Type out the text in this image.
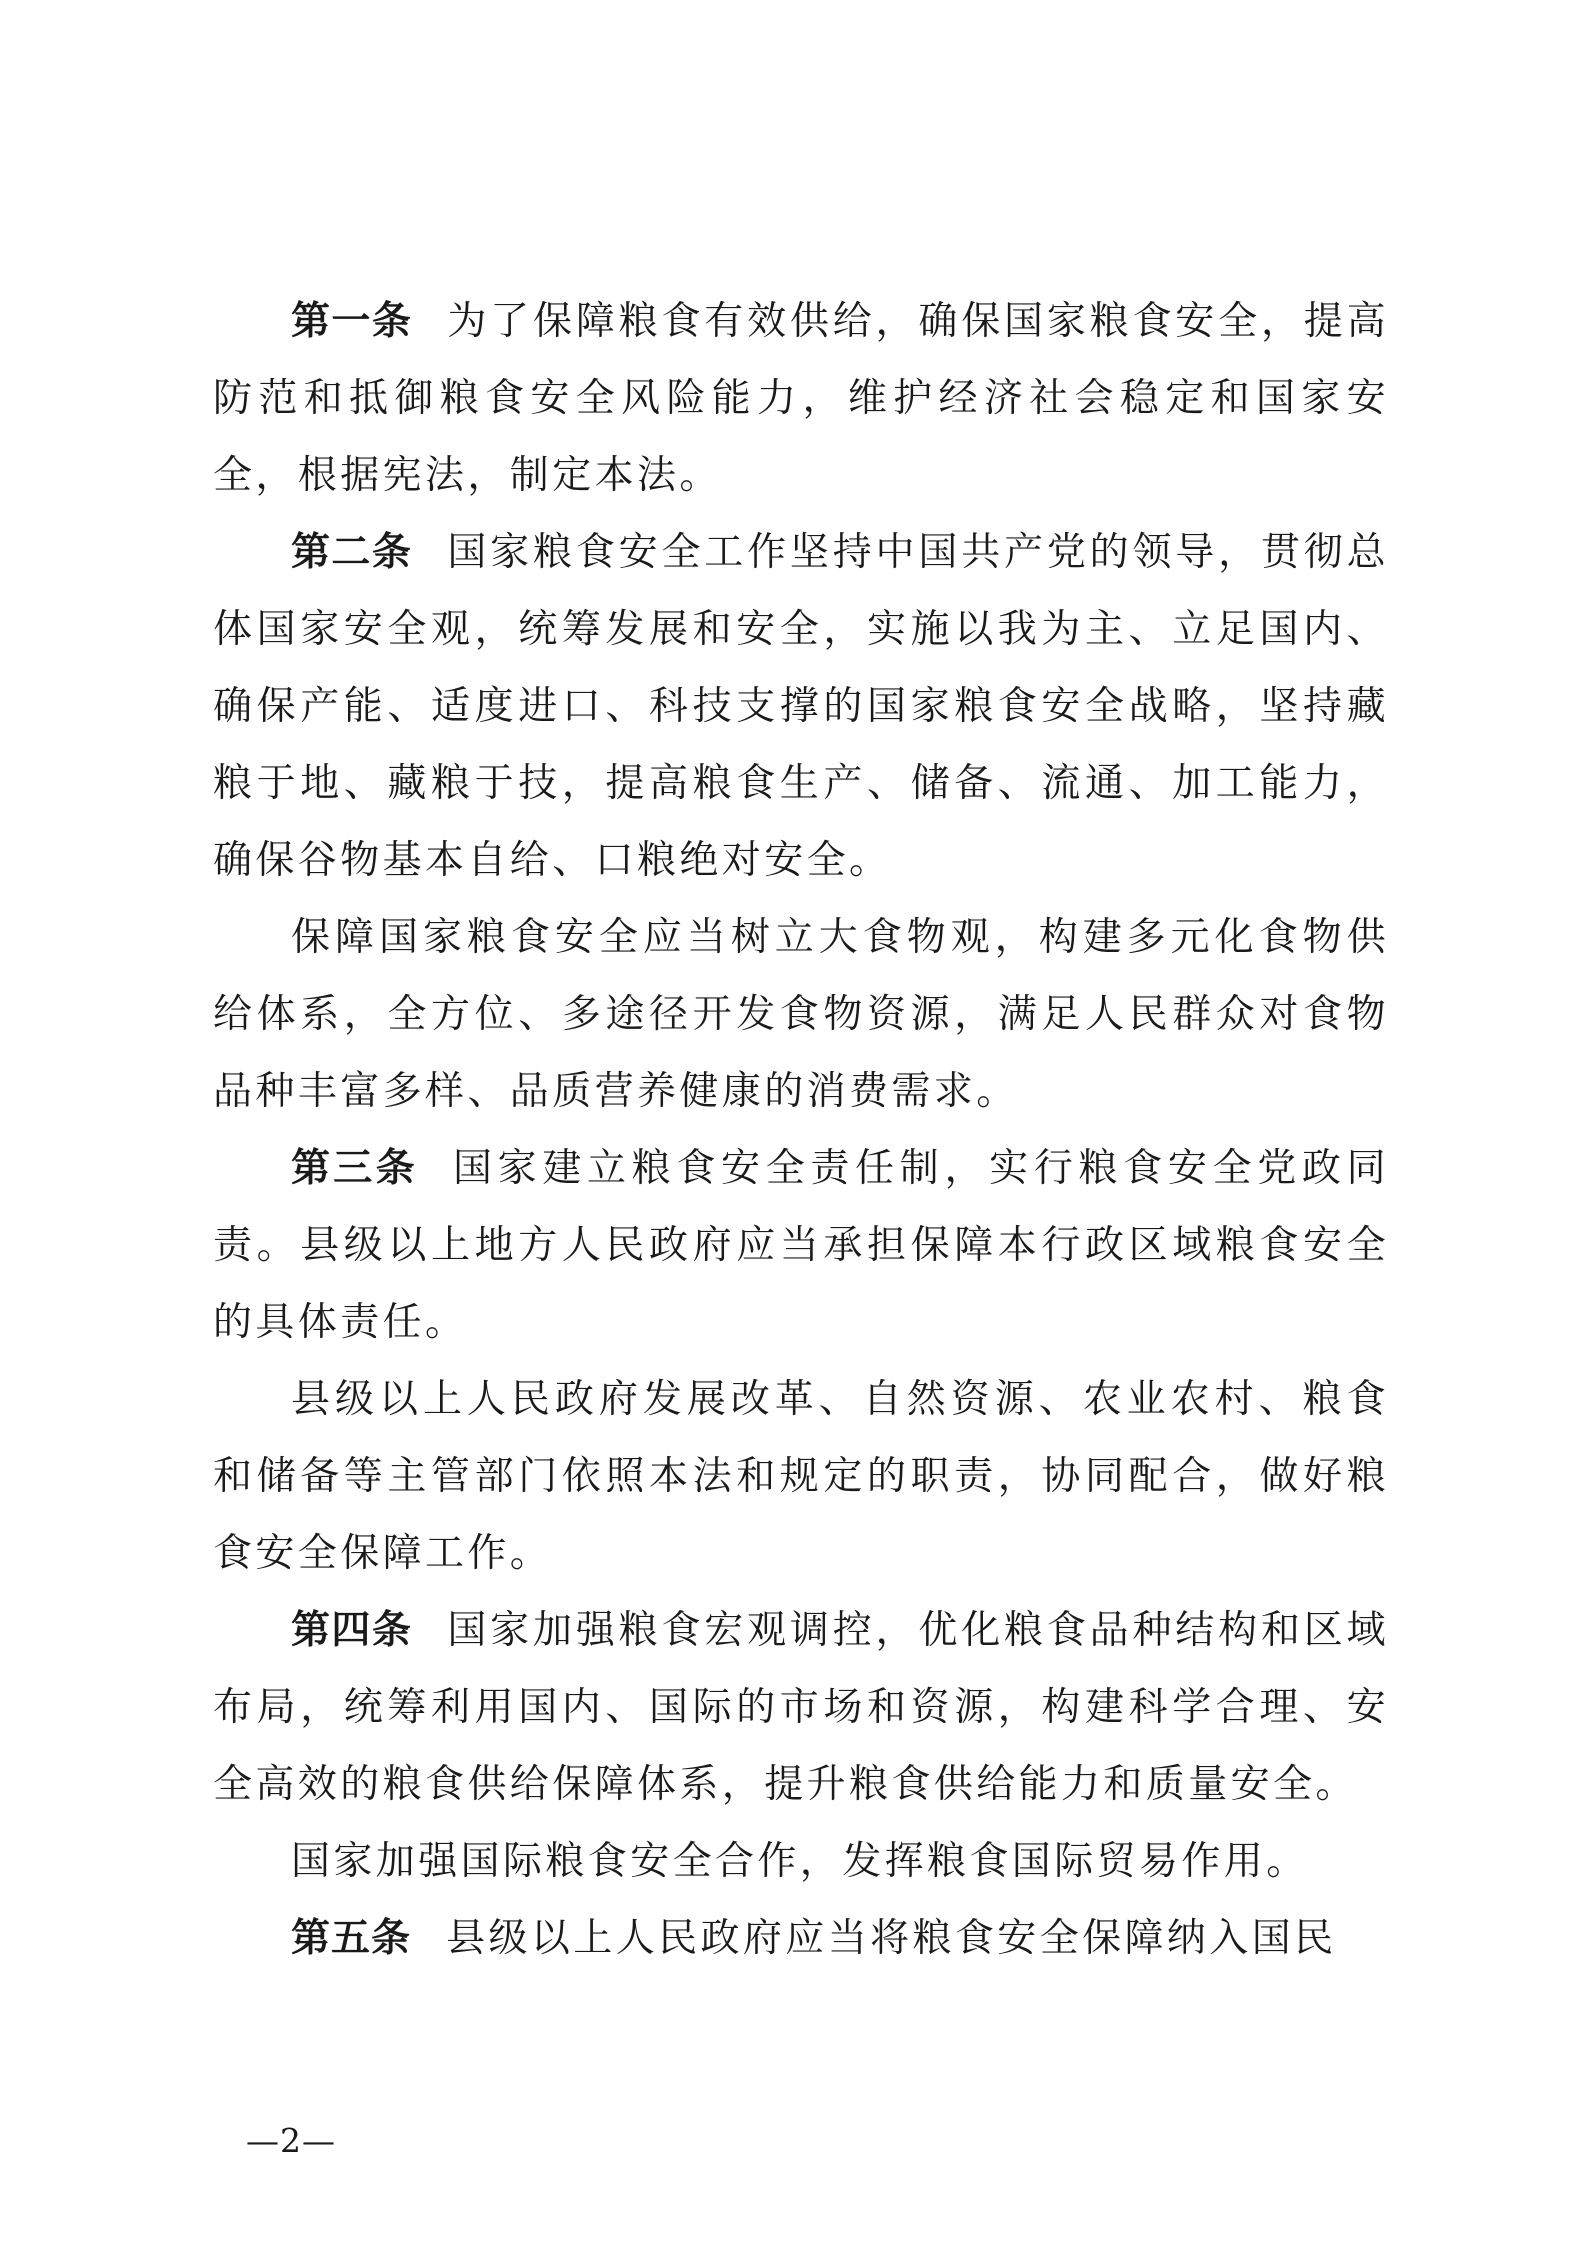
第一条 为了保障粮食有效供给，确保国家粮食安全，提高防范和抵御粮食安全风险能力，维护经济社会稳定和国家安全，根据宪法，制定本法。

第二条 国家粮食安全工作坚持中国共产党的领导，贯彻总体国家安全观，统筹发展和安全，实施以我为主、立足国内、确保产能、适度进口、科技支撑的国家粮食安全战略，坚持藏粮于地、藏粮于技，提高粮食生产、储备、流通、加工能力，确保谷物基本自给、口粮绝对安全。

保障国家粮食安全应当树立大食物观，构建多元化食物供给体系，全方位、多途径开发食物资源，满足人民群众对食物品种丰富多样、品质营养健康的消费需求。

第三条 国家建立粮食安全责任制，实行粮食安全党政同责。县级以上地方人民政府应当承担保障本行政区域粮食安全的具体责任。

县级以上人民政府发展改革、自然资源、农业农村、粮食和储备等主管部门依照本法和规定的职责，协同配合，做好粮食安全保障工作。

第四条 国家加强粮食宏观调控，优化粮食品种结构和区域布局，统筹利用国内、国际的市场和资源，构建科学合理、安全高效的粮食供给保障体系，提升粮食供给能力和质量安全。

国家加强国际粮食安全合作，发挥粮食国际贸易作用。

第五条 县级以上人民政府应当将粮食安全保障纳入国民

—2—
